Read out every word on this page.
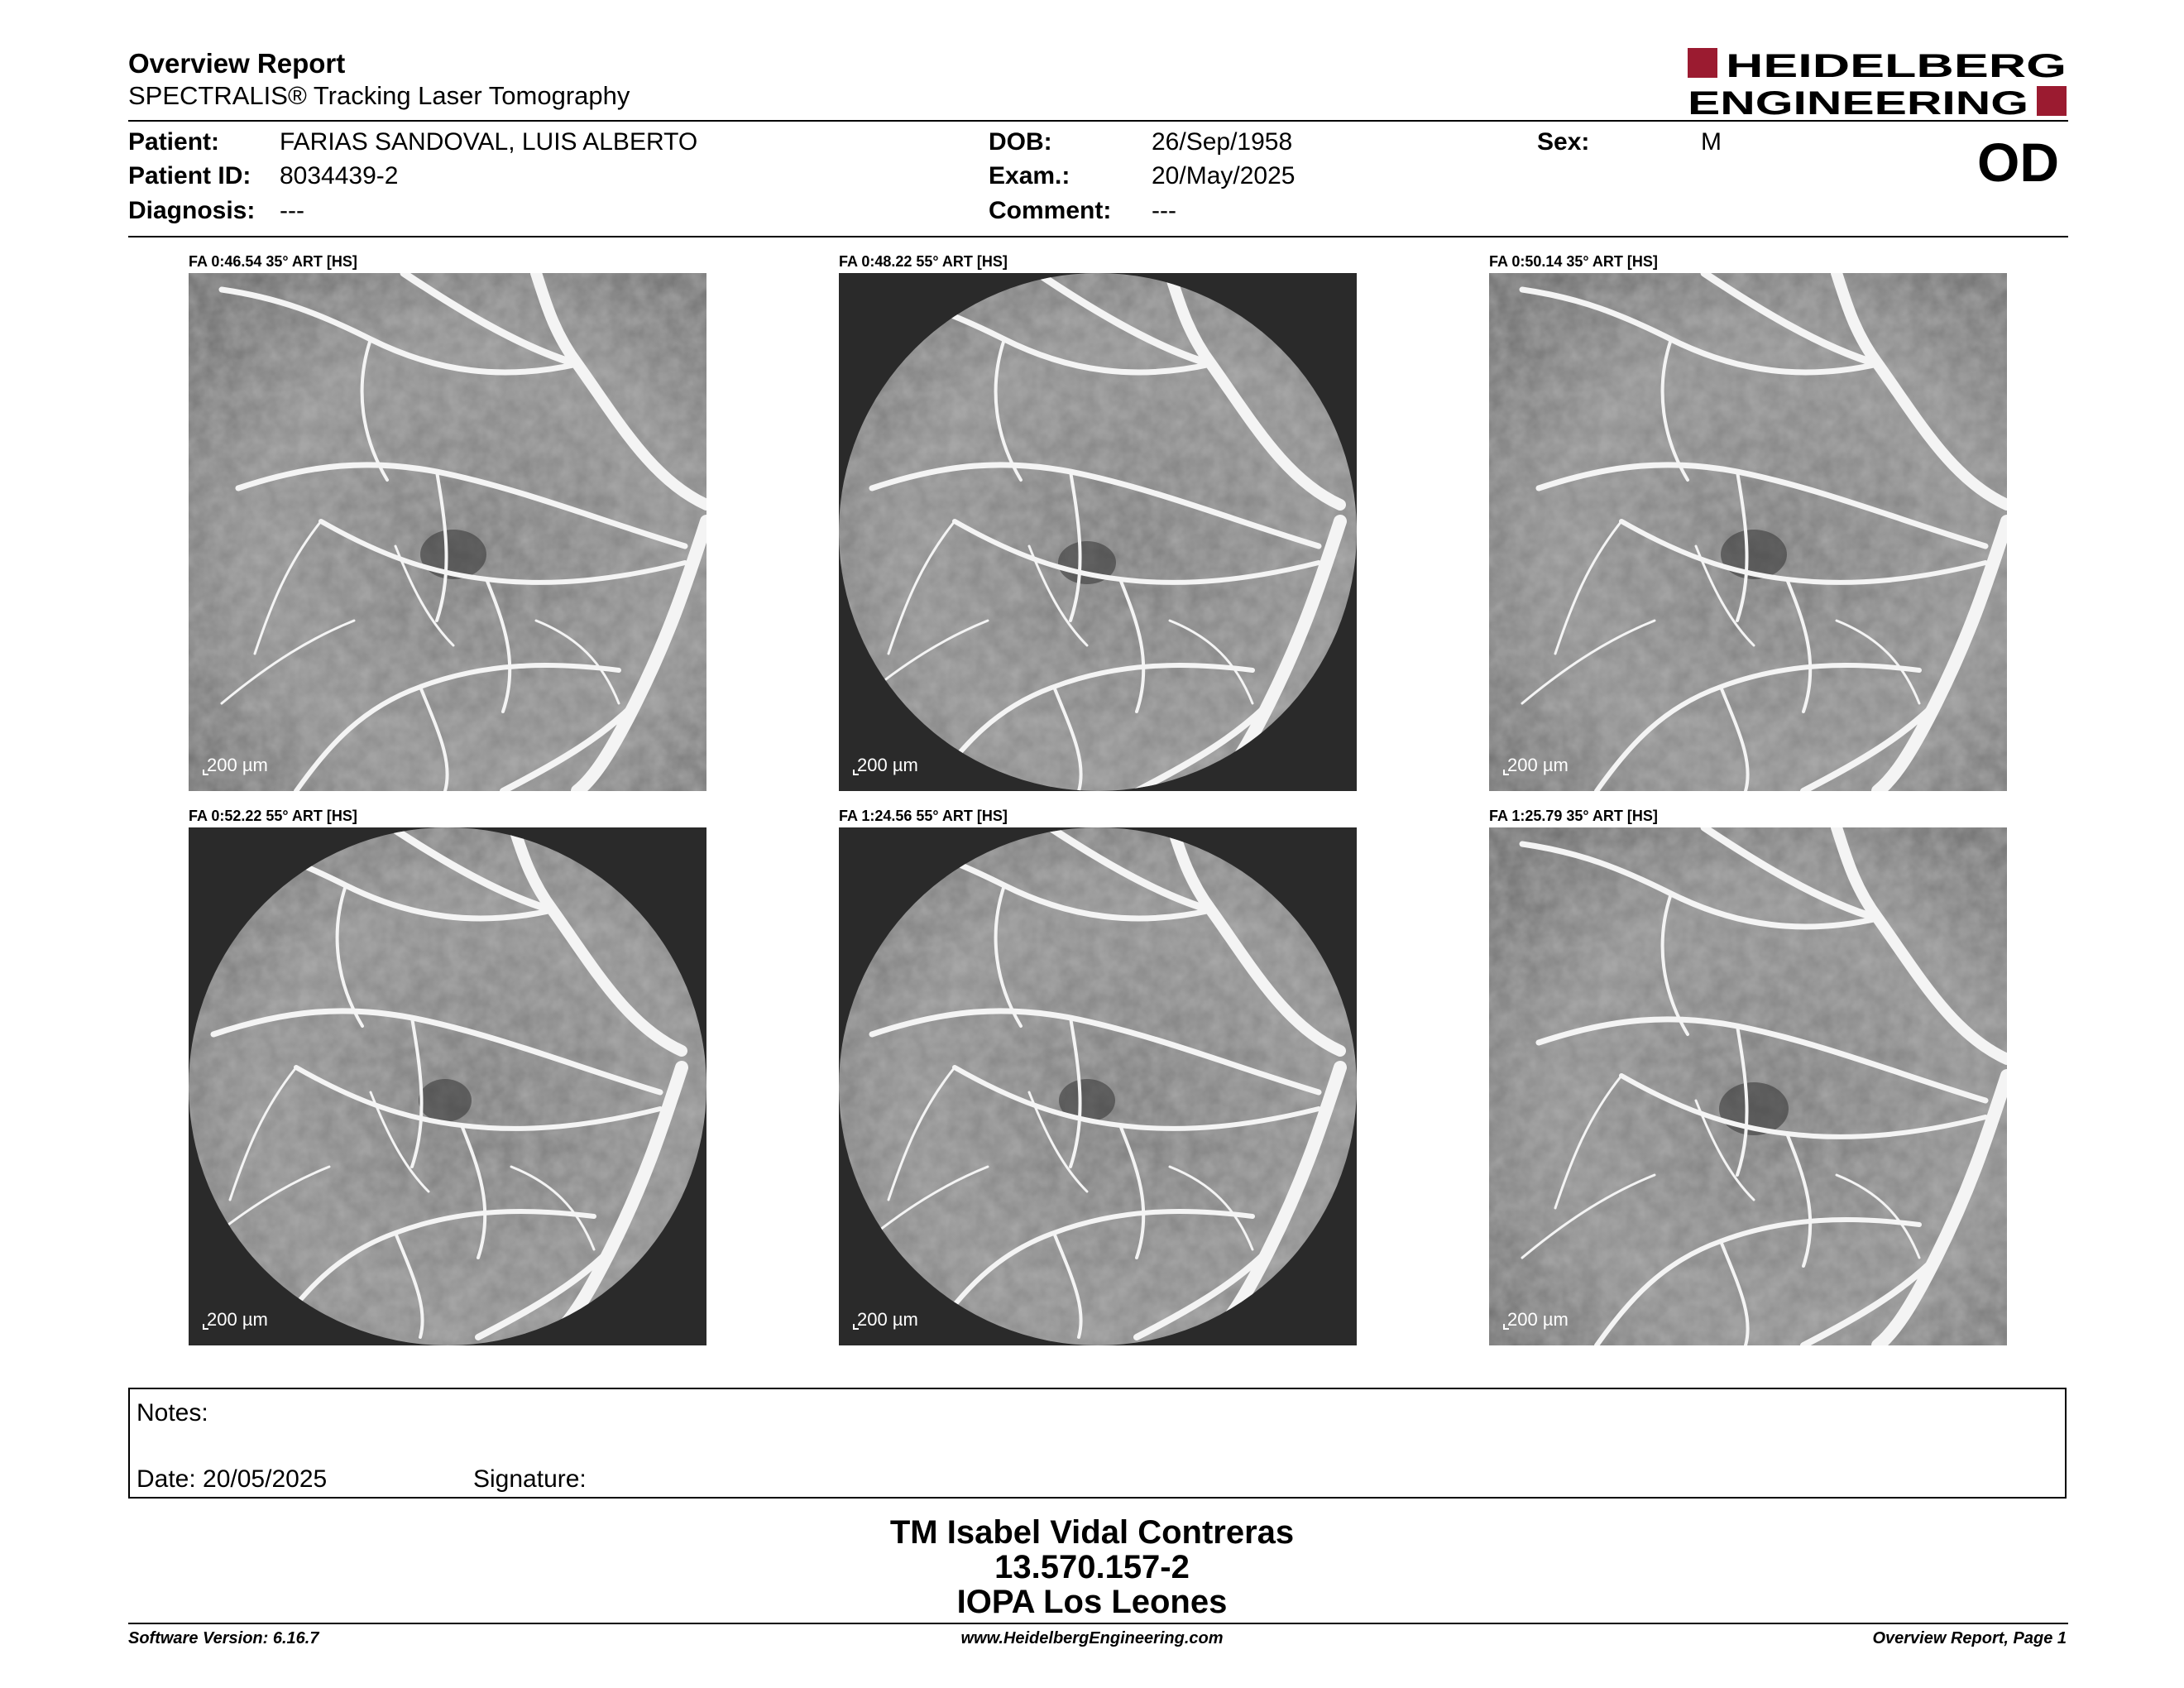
Overview Report
SPECTRALIS® Tracking Laser Tomography
HEIDELBERG
ENGINEERING
Patient: FARIAS SANDOVAL, LUIS ALBERTO
Patient ID: 8034439-2
Diagnosis: ---
DOB:	26/Sep/1958
Exam.:	20/May/2025
Comment: ---
Sex:	M	OD
FA 0:46.54 35° ART [HS]
200 µm
FA 0:48.22 55° ART [HS]
200 µm
FA 0:50.14 35° ART [HS]
200 µm
FA 0:52.22 55° ART [HS]
200 µm
FA 1:24.56 55° ART [HS]
200 µm
FA 1:25.79 35° ART [HS]
200 µm
Notes:
Date: 20/05/2025	Signature:
TM Isabel Vidal Contreras
13.570.157-2
IOPA Los Leones
Software Version: 6.16.7	www.HeidelbergEngineering.com	Overview Report, Page 1
